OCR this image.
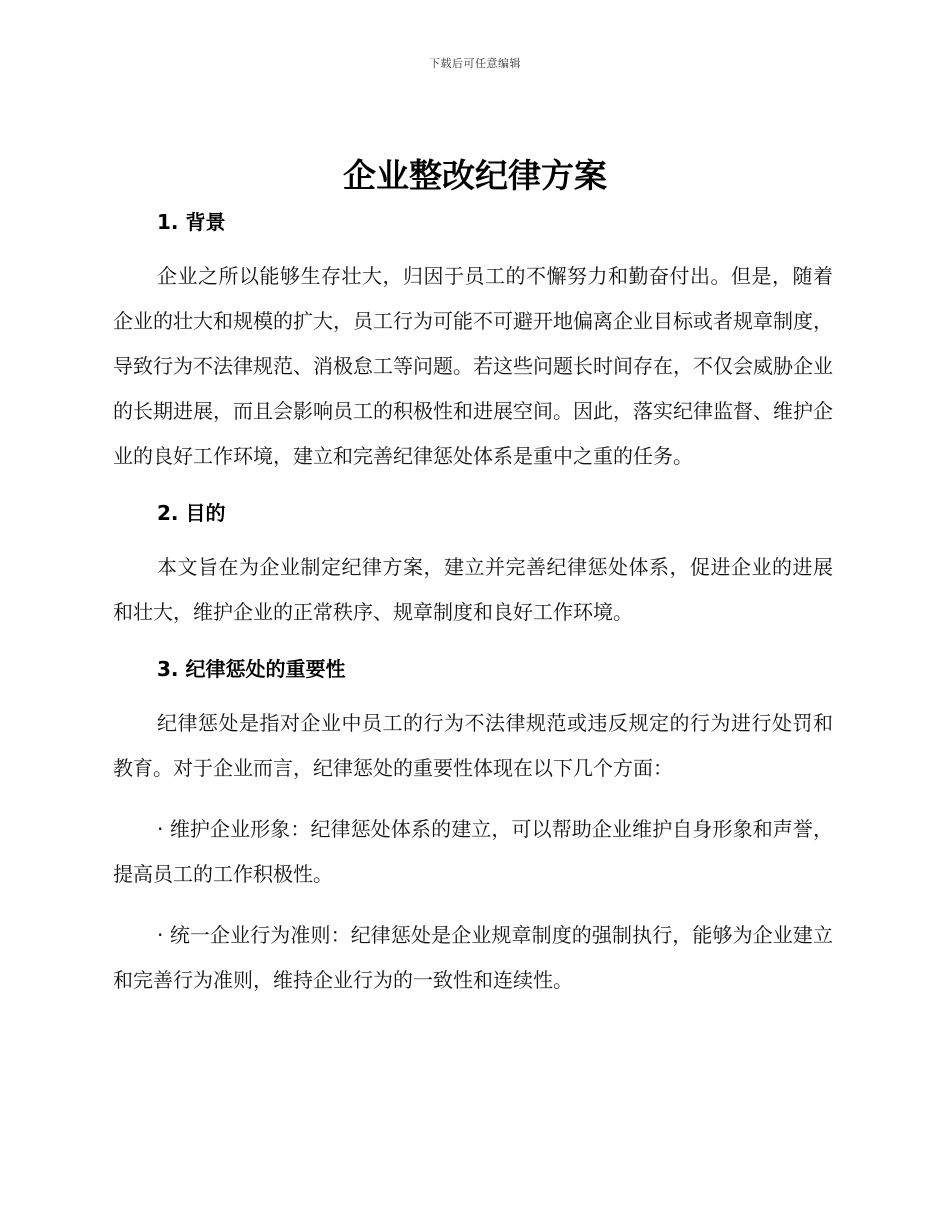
下载后可任意编辑
企业整改纪律方案
1. 背景

企业之所以能够生存壮大，归因于员工的不懈努力和勤奋付出。但是，随着企业的壮大和规模的扩大，员工行为可能不可避开地偏离企业目标或者规章制度，导致行为不法律规范、消极怠工等问题。若这些问题长时间存在，不仅会威胁企业的长期进展，而且会影响员工的积极性和进展空间。因此，落实纪律监督、维护企业的良好工作环境，建立和完善纪律惩处体系是重中之重的任务。

2. 目的

本文旨在为企业制定纪律方案，建立并完善纪律惩处体系，促进企业的进展和壮大，维护企业的正常秩序、规章制度和良好工作环境。

3. 纪律惩处的重要性

纪律惩处是指对企业中员工的行为不法律规范或违反规定的行为进行处罚和教育。对于企业而言，纪律惩处的重要性体现在以下几个方面：

· 维护企业形象：纪律惩处体系的建立，可以帮助企业维护自身形象和声誉，提高员工的工作积极性。

· 统一企业行为准则：纪律惩处是企业规章制度的强制执行，能够为企业建立和完善行为准则，维持企业行为的一致性和连续性。
